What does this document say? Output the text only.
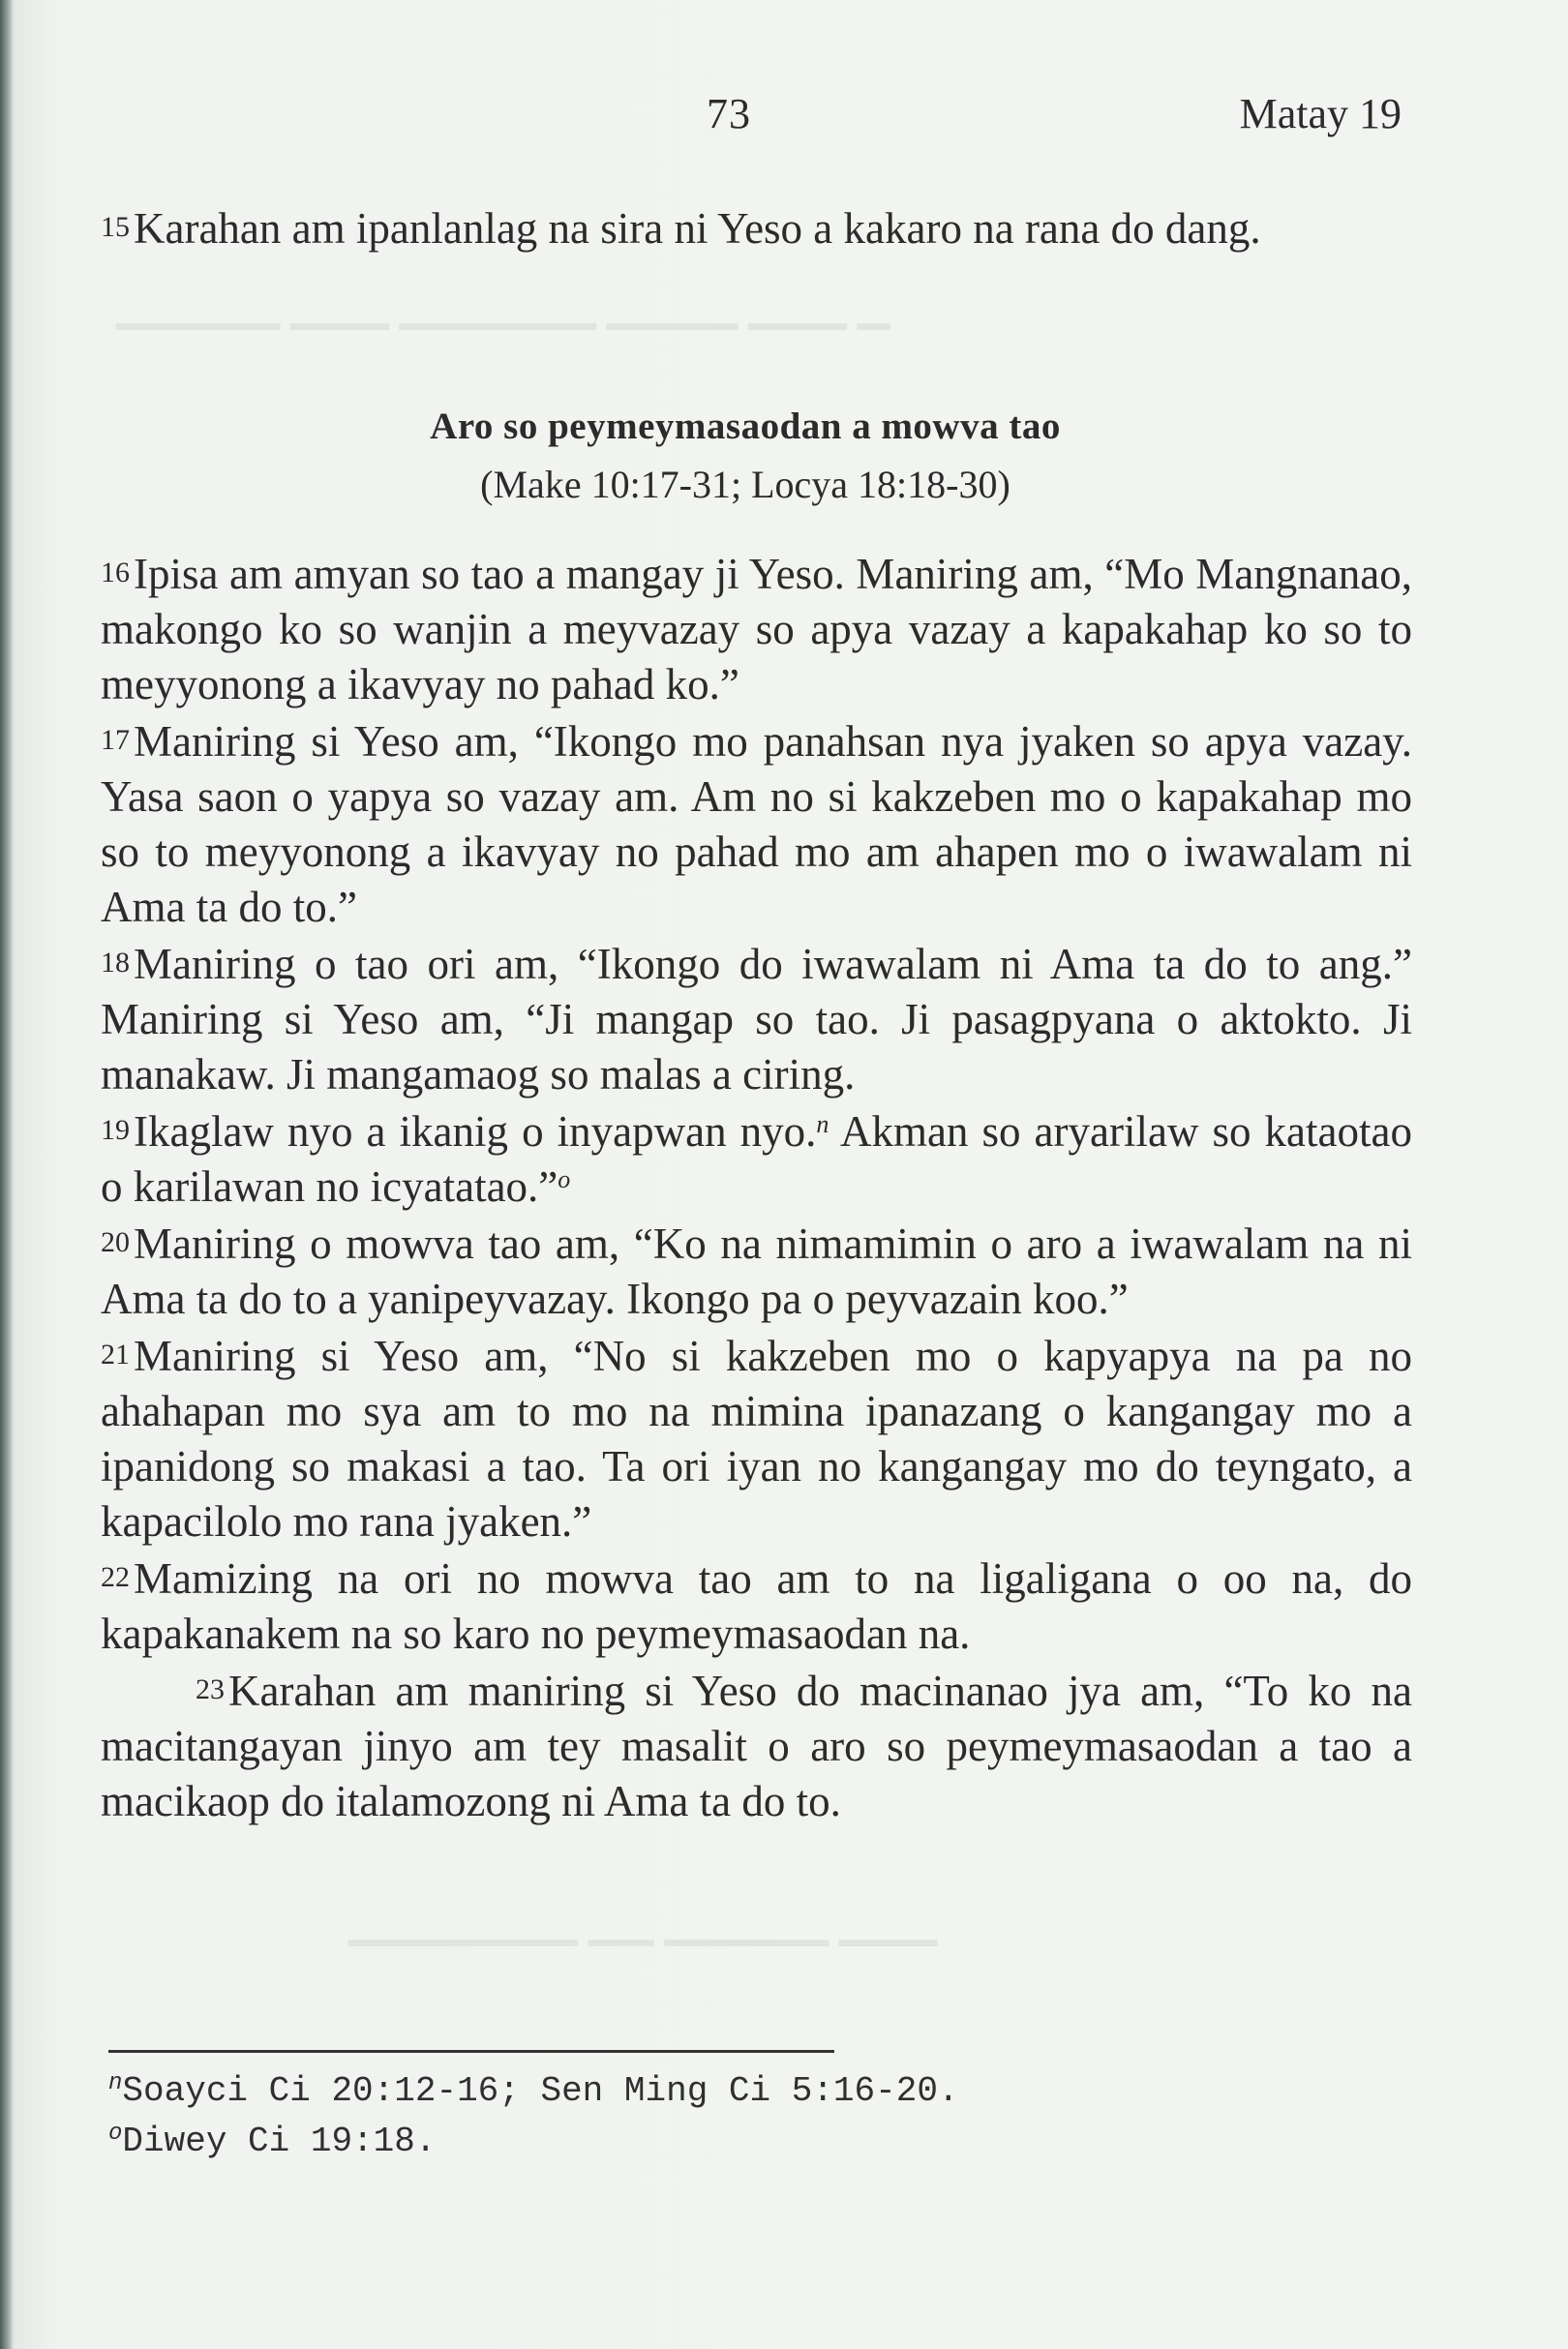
▁ ▁▁▁ ▁▁▁▁ ▁▁▁▁▁▁ ▁▁▁ ▁▁▁▁▁
▁▁▁ ▁▁▁▁▁ ▁▁ ▁▁▁▁▁▁▁
73	Matay 19
15Karahan am ipanlanlag na sira ni Yeso a kakaro na rana do dang.
Aro so peymeymasaodan a mowva tao
(Make 10:17-31; Locya 18:18-30)
16Ipisa am amyan so tao a mangay ji Yeso. Maniring am, “Mo Mangnanao, makongo ko so wanjin a meyvazay so apya vazay a kapakahap ko so to meyyonong a ikavyay no pahad ko.”
17Maniring si Yeso am, “Ikongo mo panahsan nya jyaken so apya vazay. Yasa saon o yapya so vazay am. Am no si kakzeben mo o kapakahap mo so to meyyonong a ikavyay no pahad mo am ahapen mo o iwawalam ni Ama ta do to.”
18Maniring o tao ori am, “Ikongo do iwawalam ni Ama ta do to ang.” Maniring si Yeso am, “Ji mangap so tao. Ji pasagpyana o aktokto. Ji manakaw. Ji mangamaog so malas a ciring.
19Ikaglaw nyo a ikanig o inyapwan nyo.$^n$ Akman so aryarilaw so kataotao o karilawan no icyatatao.”$^o$
20Maniring o mowva tao am, “Ko na nimamimin o aro a iwawalam na ni Ama ta do to a yanipeyvazay. Ikongo pa o peyvazain koo.”
21Maniring si Yeso am, “No si kakzeben mo o kapyapya na pa no ahahapan mo sya am to mo na mimina ipanazang o kangangay mo a ipanidong so makasi a tao. Ta ori iyan no kangangay mo do teyngato, a kapacilolo mo rana jyaken.”
22Mamizing na ori no mowva tao am to na ligaligana o oo na, do kapakanakem na so karo no peymeymasaodan na.
23Karahan am maniring si Yeso do macinanao jya am, “To ko na macitangayan jinyo am tey masalit o aro so peymeymasaodan a tao a macikaop do italamozong ni Ama ta do to.
$^n$Soayci Ci 20:12-16; Sen Ming Ci 5:16-20.
$^o$Diwey Ci 19:18.
